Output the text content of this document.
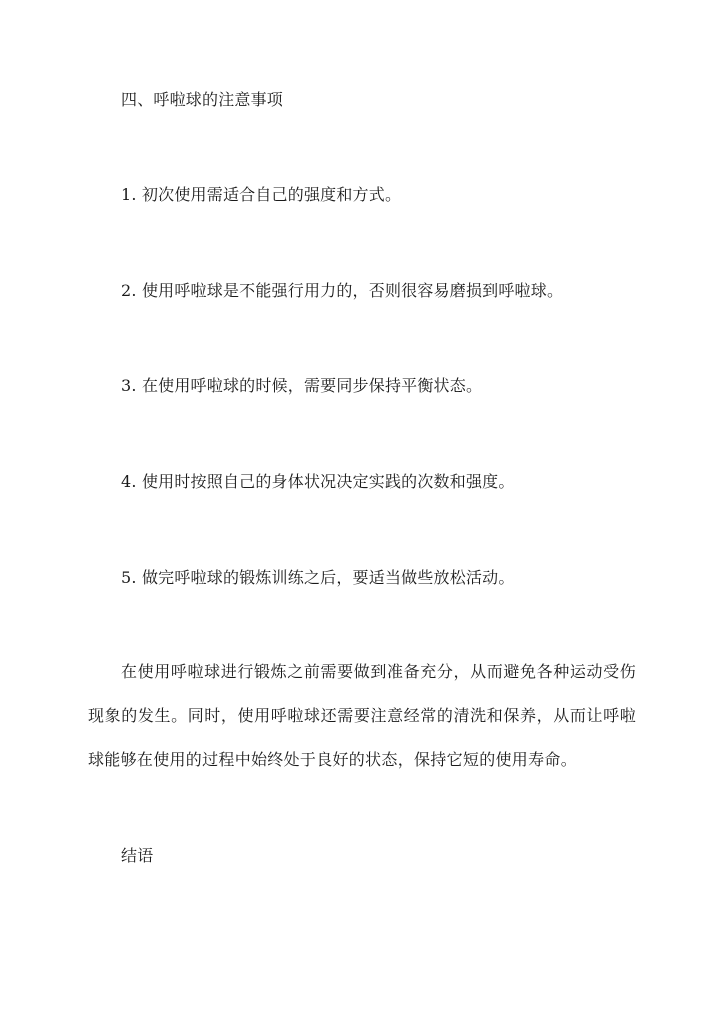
四、呼啦球的注意事项
1. 初次使用需适合自己的强度和方式。
2. 使用呼啦球是不能强行用力的，否则很容易磨损到呼啦球。
3. 在使用呼啦球的时候，需要同步保持平衡状态。
4. 使用时按照自己的身体状况决定实践的次数和强度。
5. 做完呼啦球的锻炼训练之后，要适当做些放松活动。
在使用呼啦球进行锻炼之前需要做到准备充分，从而避免各种运动受伤现象的发生。同时，使用呼啦球还需要注意经常的清洗和保养，从而让呼啦球能够在使用的过程中始终处于良好的状态，保持它短的使用寿命。
结语
